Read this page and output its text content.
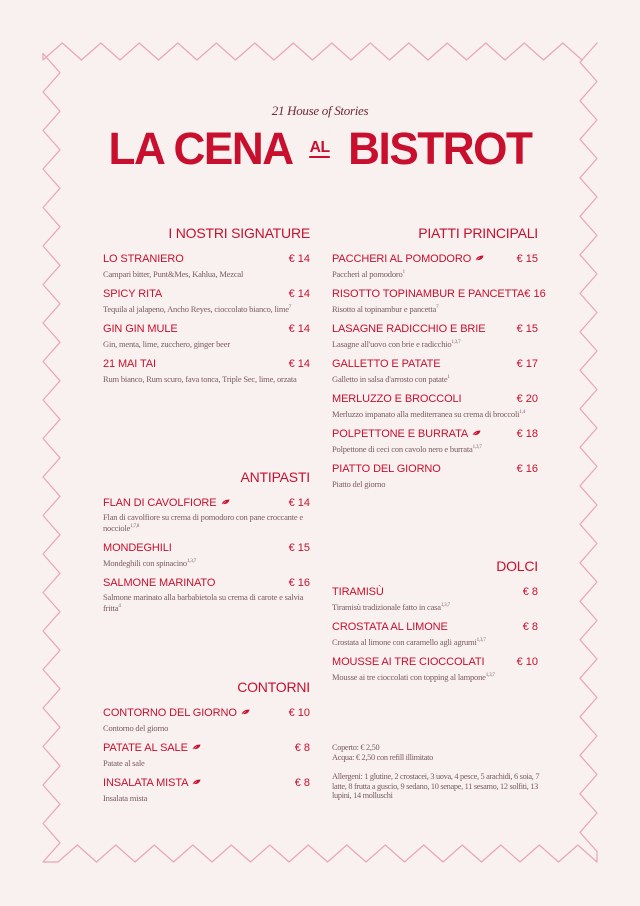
21 House of Stories
LA CENA AL BISTROT
I NOSTRI SIGNATURE
LO STRANIERO	€ 14
Campari bitter, Punt&Mes, Kahlua, Mezcal
SPICY RITA	€ 14
Tequila al jalapeno, Ancho Reyes, cioccolato bianco, lime$^7$
GIN GIN MULE	€ 14
Gin, menta, lime, zucchero, ginger beer
21 MAI TAI	€ 14
Rum bianco, Rum scuro, fava tonca, Triple Sec, lime, orzata
ANTIPASTI
FLAN DI CAVOLFIORE	€ 14
Flan di cavolfiore su crema di pomodoro con pane croccante e nocciole$^{1,7,8}$
MONDEGHILI	€ 15
Mondeghili con spinacino$^{1,3,7}$
SALMONE MARINATO	€ 16
Salmone marinato alla barbabietola su crema di carote e salvia fritta$^4$
CONTORNI
CONTORNO DEL GIORNO	€ 10
Contorno del giorno
PATATE AL SALE	€ 8
Patate al sale
INSALATA MISTA	€ 8
Insalata mista
PIATTI PRINCIPALI
PACCHERI AL POMODORO	€ 15
Paccheri al pomodoro$^1$
RISOTTO TOPINAMBUR E PANCETTA € 16
Risotto al topinambur e pancetta$^7$
LASAGNE RADICCHIO E BRIE	€ 15
Lasagne all'uovo con brie e radicchio$^{1,3,7}$
GALLETTO E PATATE	€ 17
Galletto in salsa d'arrosto con patate$^1$
MERLUZZO E BROCCOLI	€ 20
Merluzzo impanato alla mediterranea su crema di broccoli$^{1,4}$
POLPETTONE E BURRATA	€ 18
Polpettone di ceci con cavolo nero e burrata$^{1,3,7}$
PIATTO DEL GIORNO	€ 16
Piatto del giorno
DOLCI
TIRAMISÙ	€ 8
Tiramisù tradizionale fatto in casa$^{1,3,7}$
CROSTATA AL LIMONE	€ 8
Crostata al limone con caramello agli agrumi$^{1,3,7}$
MOUSSE AI TRE CIOCCOLATI	€ 10
Mousse ai tre cioccolati con topping al lampone$^{1,3,7}$

Coperto: € 2,50

Acqua: € 2,50 con refill illimitato

Allergeni: 1 glutine, 2 crostacei, 3 uova, 4 pesce, 5 arachidi, 6 soia, 7 latte, 8 frutta a guscio, 9 sedano, 10 senape, 11 sesamo, 12 solfiti, 13 lupini, 14 molluschi
